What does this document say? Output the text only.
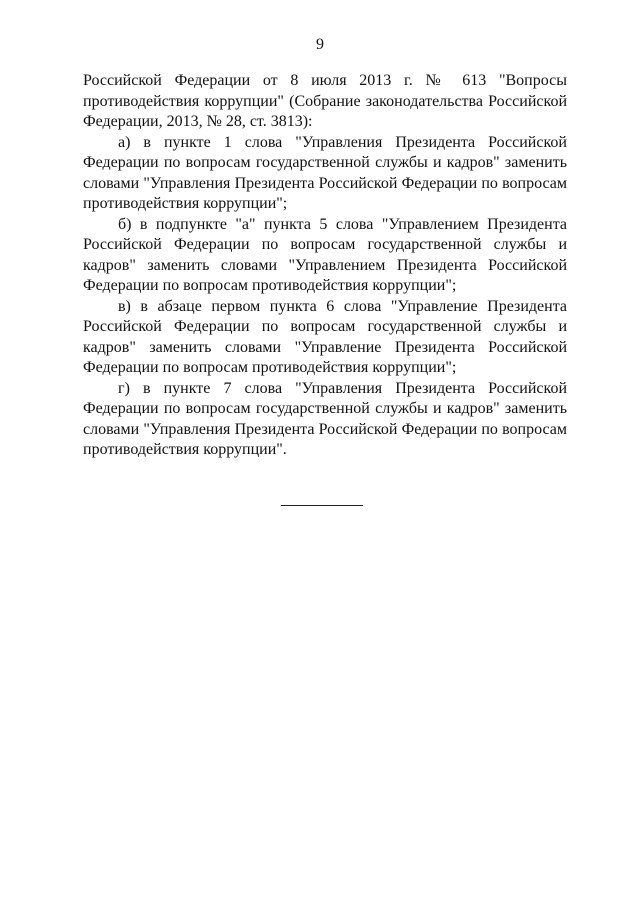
9

Российской Федерации от 8 июля 2013 г. № 613 "Вопросы противодействия коррупции" (Собрание законодательства Российской Федерации, 2013, № 28, ст. 3813):

а) в пункте 1 слова "Управления Президента Российской Федерации по вопросам государственной службы и кадров" заменить словами "Управления Президента Российской Федерации по вопросам противодействия коррупции";

б) в подпункте "а" пункта 5 слова "Управлением Президента Российской Федерации по вопросам государственной службы и кадров" заменить словами "Управлением Президента Российской Федерации по вопросам противодействия коррупции";

в) в абзаце первом пункта 6 слова "Управление Президента Российской Федерации по вопросам государственной службы и кадров" заменить словами "Управление Президента Российской Федерации по вопросам противодействия коррупции";

г) в пункте 7 слова "Управления Президента Российской Федерации по вопросам государственной службы и кадров" заменить словами "Управления Президента Российской Федерации по вопросам противодействия коррупции".
